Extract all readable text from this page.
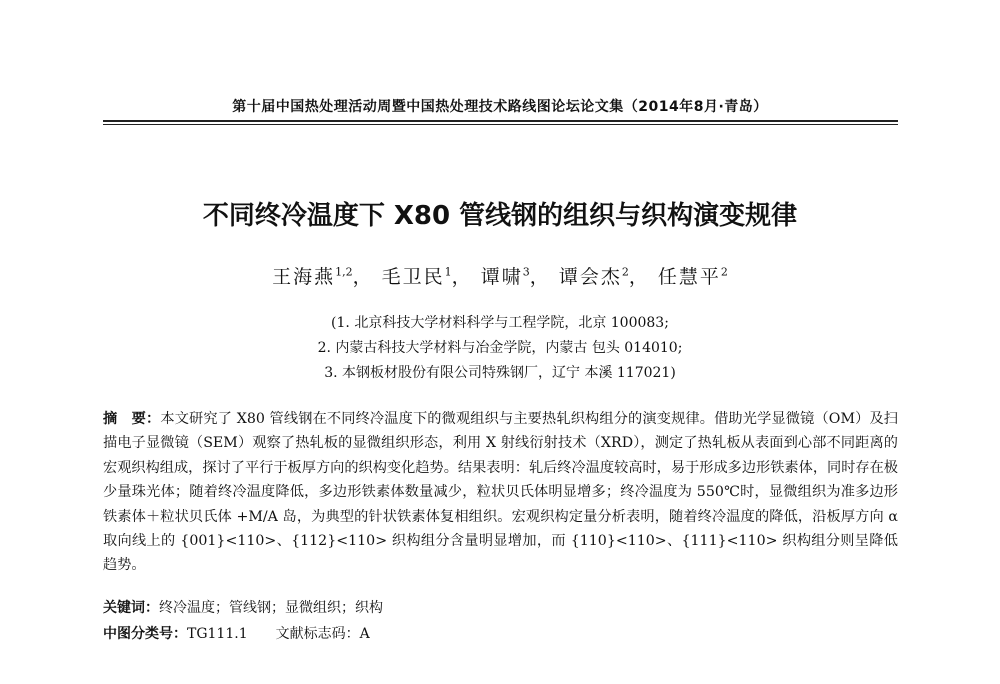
第十届中国热处理活动周暨中国热处理技术路线图论坛论文集（2014年8月·青岛）
不同终冷温度下 X80 管线钢的组织与织构演变规律
王海燕$^{1,2}$， 毛卫民$^1$， 谭啸$^3$， 谭会杰$^2$， 任慧平$^2$
(1. 北京科技大学材料科学与工程学院，北京 100083;
2. 内蒙古科技大学材料与冶金学院，内蒙古 包头 014010;
3. 本钢板材股份有限公司特殊钢厂，辽宁 本溪 117021)
摘　要：本文研究了 X80 管线钢在不同终冷温度下的微观组织与主要热轧织构组分的演变规律。借助光学显微镜（OM）及扫描电子显微镜（SEM）观察了热轧板的显微组织形态，利用 X 射线衍射技术（XRD），测定了热轧板从表面到心部不同距离的宏观织构组成，探讨了平行于板厚方向的织构变化趋势。结果表明：轧后终冷温度较高时，易于形成多边形铁素体，同时存在极少量珠光体；随着终冷温度降低，多边形铁素体数量减少，粒状贝氏体明显增多；终冷温度为 550℃时，显微组织为准多边形铁素体＋粒状贝氏体 +M/A 岛，为典型的针状铁素体复相组织。宏观织构定量分析表明，随着终冷温度的降低，沿板厚方向 α 取向线上的 {001}<110>、{112}<110> 织构组分含量明显增加，而 {110}<110>、{111}<110> 织构组分则呈降低趋势。
关键词：终冷温度；管线钢；显微组织；织构
中图分类号：TG111.1 文献标志码：A
